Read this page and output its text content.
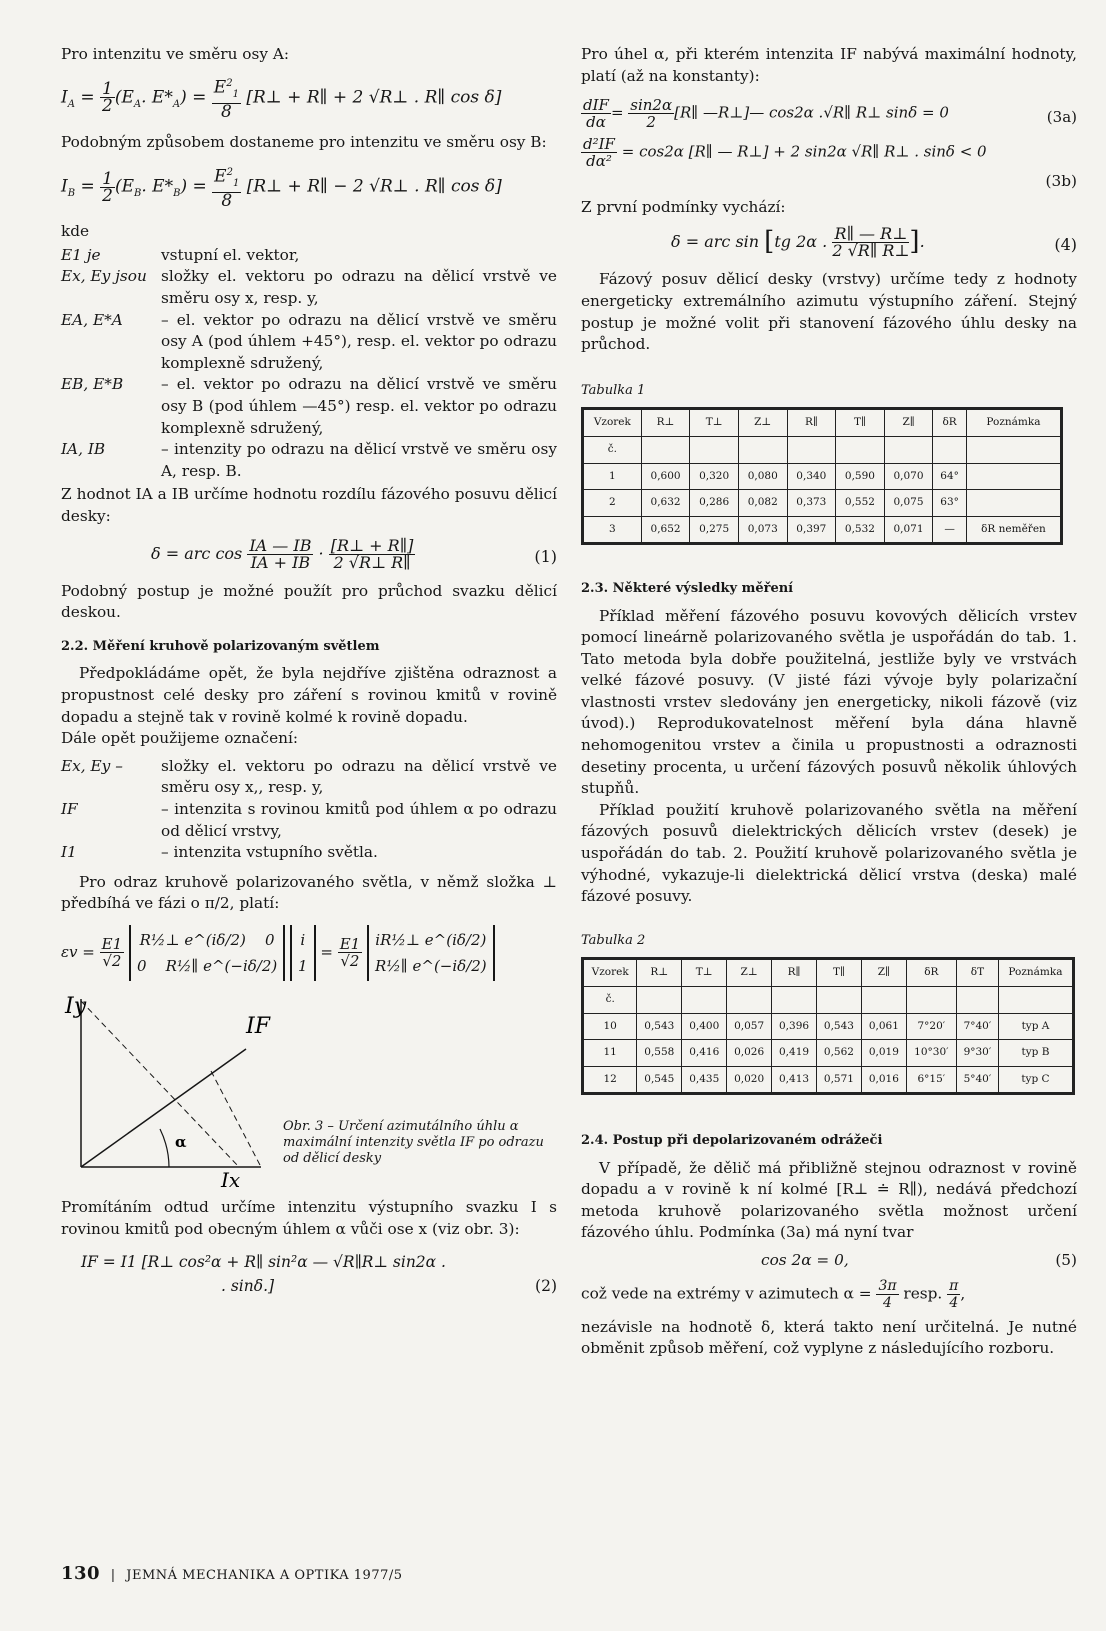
Pro intenzitu ve směru osy A:

$I_A = \frac{1}{2} (E_A$. $E*_A) = \frac{E^2_1}{8}$ [R⊥ + R∥ + 2 √R⊥ . R∥ cos δ]

Podobným způsobem dostaneme pro intenzitu ve směru osy B:

$I_B = \frac{1}{2} (E_B$. $E*_B) = \frac{E^2_1}{8}$ [R⊥ + R∥ − 2 √R⊥ . R∥ cos δ]

kde

E1 je	vstupní el. vektor,
Ex, Ey jsou složky el. vektoru po odrazu na dělicí vrstvě ve směru osy x, resp. y,
EA, E*A	– el. vektor po odrazu na dělicí vrstvě ve směru osy A (pod úhlem +45°), resp. el. vektor po odrazu komplexně sdružený,
EB, E*B	– el. vektor po odrazu na dělicí vrstvě ve směru osy B (pod úhlem —45°) resp. el. vektor po odrazu komplexně sdružený,
IA, IB	– intenzity po odrazu na dělicí vrstvě ve směru osy A, resp. B.

Z hodnot IA a IB určíme hodnotu rozdílu fázového posuvu dělicí desky:

δ = arc $\cos \frac{IA — IB}{IA + IB} \cdot \frac{[R\perp + R\parallel]}{2 √R\perp R\parallel}$	(1)

Podobný postup je možné použít pro průchod svazku dělicí deskou.

2.2. Měření kruhově polarizovaným světlem

Předpokládáme opět, že byla nejdříve zjištěna odraznost a propustnost celé desky pro záření s rovinou kmitů v rovině dopadu a stejně tak v rovině kolmé k rovině dopadu.

Dále opět použijeme označení:

Ex, Ey –	složky el. vektoru po odrazu na dělicí vrstvě ve směru osy x,, resp. y,
IF	– intenzita s rovinou kmitů pod úhlem α po odrazu od dělicí vrstvy,
I1	– intenzita vstupního světla.

Pro odraz kruhově polarizovaného světla, v němž složka ⊥ předbíhá ve fázi o π/2, platí:

$\varepsilon v = \frac{E1}{√2}$
R½⊥ e^(iδ/2) 0
0 R½∥ e^(−iδ/2)

i
1
= $\frac{E1}{√2}$
iR½⊥ e^(iδ/2)
R½∥ e^(−iδ/2)
Iy
IF
Ix
α

Obr. 3 – Určení azimutálního úhlu α maximální intenzity světla IF po odrazu od dělicí desky

Promítáním odtud určíme intenzitu výstupního svazku I s rovinou kmitů pod obecným úhlem α vůči ose x (viz obr. 3):

IF = I1 [R⊥ cos²α + R∥ sin²α — √R∥R⊥ sin2α .
. sinδ.]	(2)

Pro úhel α, při kterém intenzita IF nabývá maximální hodnoty, platí (až na konstanty):

$\frac{\text{dIF}}{d\alpha} = \frac{\sin 2\alpha}{2}$ [R∥ —R⊥]— cos2α .√R∥ R⊥ sinδ = 0	(3a)
$\frac{\text{d²IF}}{\text{dα²}} = \cos 2\alpha$ [R∥ — R⊥] + 2 sin2α √R∥ R⊥ . sinδ < 0
(3b)

Z první podmínky vychází:

δ = arc sin [tg 2α . $\frac{R\parallel — R\perp}{2 √R\parallel R\perp}$ ].	(4)

Fázový posuv dělicí desky (vrstvy) určíme tedy z hodnoty energeticky extremálního azimutu výstupního záření. Stejný postup je možné volit při stanovení fázového úhlu desky na průchod.

Tabulka 1

Vzorek	R⊥	T⊥	Z⊥	R∥	T∥	Z∥	δR	Poznámka
č.								
1	0,600	0,320	0,080	0,340	0,590	0,070	64°	
2	0,632	0,286	0,082	0,373	0,552	0,075	63°	
3	0,652	0,275	0,073	0,397	0,532	0,071	—	δR neměřen

2.3. Některé výsledky měření

Příklad měření fázového posuvu kovových dělicích vrstev pomocí lineárně polarizovaného světla je uspořádán do tab. 1. Tato metoda byla dobře použitelná, jestliže byly ve vrstvách velké fázové posuvy. (V jisté fázi vývoje byly polarizační vlastnosti vrstev sledovány jen energeticky, nikoli fázově (viz úvod).) Reprodukovatelnost měření byla dána hlavně nehomogenitou vrstev a činila u propustnosti a odraznosti desetiny procenta, u určení fázových posuvů několik úhlových stupňů.

Příklad použití kruhově polarizovaného světla na měření fázových posuvů dielektrických dělicích vrstev (desek) je uspořádán do tab. 2. Použití kruhově polarizovaného světla je výhodné, vykazuje-li dielektrická dělicí vrstva (deska) malé fázové posuvy.

Tabulka 2

Vzorek	R⊥	T⊥	Z⊥	R∥	T∥	Z∥	δR	δT	Poznámka
č.									
10	0,543	0,400	0,057	0,396	0,543	0,061	7°20′	7°40′	typ A
11	0,558	0,416	0,026	0,419	0,562	0,019	10°30′	9°30′	typ B
12	0,545	0,435	0,020	0,413	0,571	0,016	6°15′	5°40′	typ C

2.4. Postup při depolarizovaném odrážeči

V případě, že dělič má přibližně stejnou odraznost v rovině dopadu a v rovině k ní kolmé [R⊥ ≐ R∥), nedává předchozí metoda kruhově polarizovaného světla možnost určení fázového úhlu. Podmínka (3a) má nyní tvar

cos 2α = 0,	(5)

což vede na extrémy v azimutech $\alpha = \frac{3\pi}{4}$ resp. $\frac{\pi}{4}$ ,

nezávisle na hodnotě δ, která takto není určitelná. Je nutné obměnit způsob měření, což vyplyne z následujícího rozboru.

130 | JEMNÁ MECHANIKA A OPTIKA 1977/5
